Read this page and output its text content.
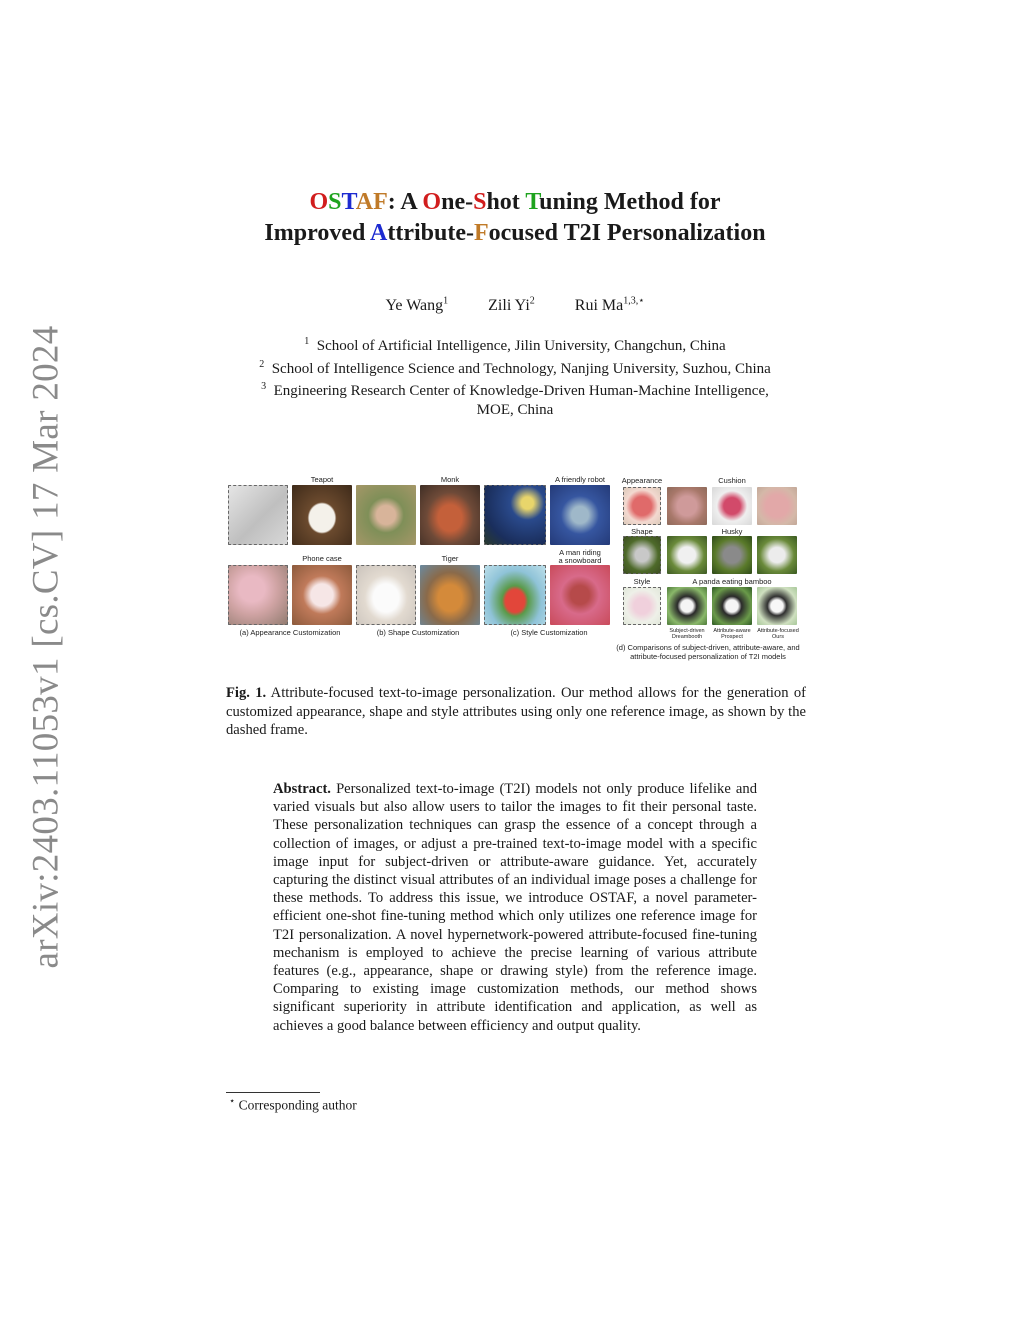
arXiv:2403.11053v1 [cs.CV] 17 Mar 2024
OSTAF: A One-Shot Tuning Method for
Improved Attribute-Focused T2I Personalization
Ye Wang$^1$	Zili Yi$^2$	Rui $Ma^{1,3,⋆}$
$^1$ School of Artificial Intelligence, Jilin University, Changchun, China
$^2$ School of Intelligence Science and Technology, Nanjing University, Suzhou, China
$^3$ Engineering Research Center of Knowledge-Driven Human-Machine Intelligence,
MOE, China
Teapot	Monk	A friendly robot
Phone case	Tiger
A man riding
a snowboard
(a) Appearance Customization	(b) Shape Customization	(c) Style Customization
Appearance	Cushion
Shape	Husky
Style	A panda eating bamboo
Subject-driven
Dreambooth
Attribute-aware
Prospect
Attribute-focused
Ours
(d) Comparisons of subject-driven, attribute-aware, and
attribute-focused personalization of T2I models
Fig. 1. Attribute-focused text-to-image personalization. Our method allows for the generation of customized appearance, shape and style attributes using only one reference image, as shown by the dashed frame.
Abstract. Personalized text-to-image (T2I) models not only produce lifelike and varied visuals but also allow users to tailor the images to fit their personal taste. These personalization techniques can grasp the essence of a concept through a collection of images, or adjust a pre-trained text-to-image model with a specific image input for subject-driven or attribute-aware guidance. Yet, accurately capturing the distinct visual attributes of an individual image poses a challenge for these methods. To address this issue, we introduce OSTAF, a novel parameter-efficient one-shot fine-tuning method which only utilizes one reference image for T2I personalization. A novel hypernetwork-powered attribute-focused fine-tuning mechanism is employed to achieve the precise learning of various attribute features (e.g., appearance, shape or drawing style) from the reference image. Comparing to existing image customization methods, our method shows significant superiority in attribute identification and application, as well as achieves a good balance between efficiency and output quality.
⋆ Corresponding author
